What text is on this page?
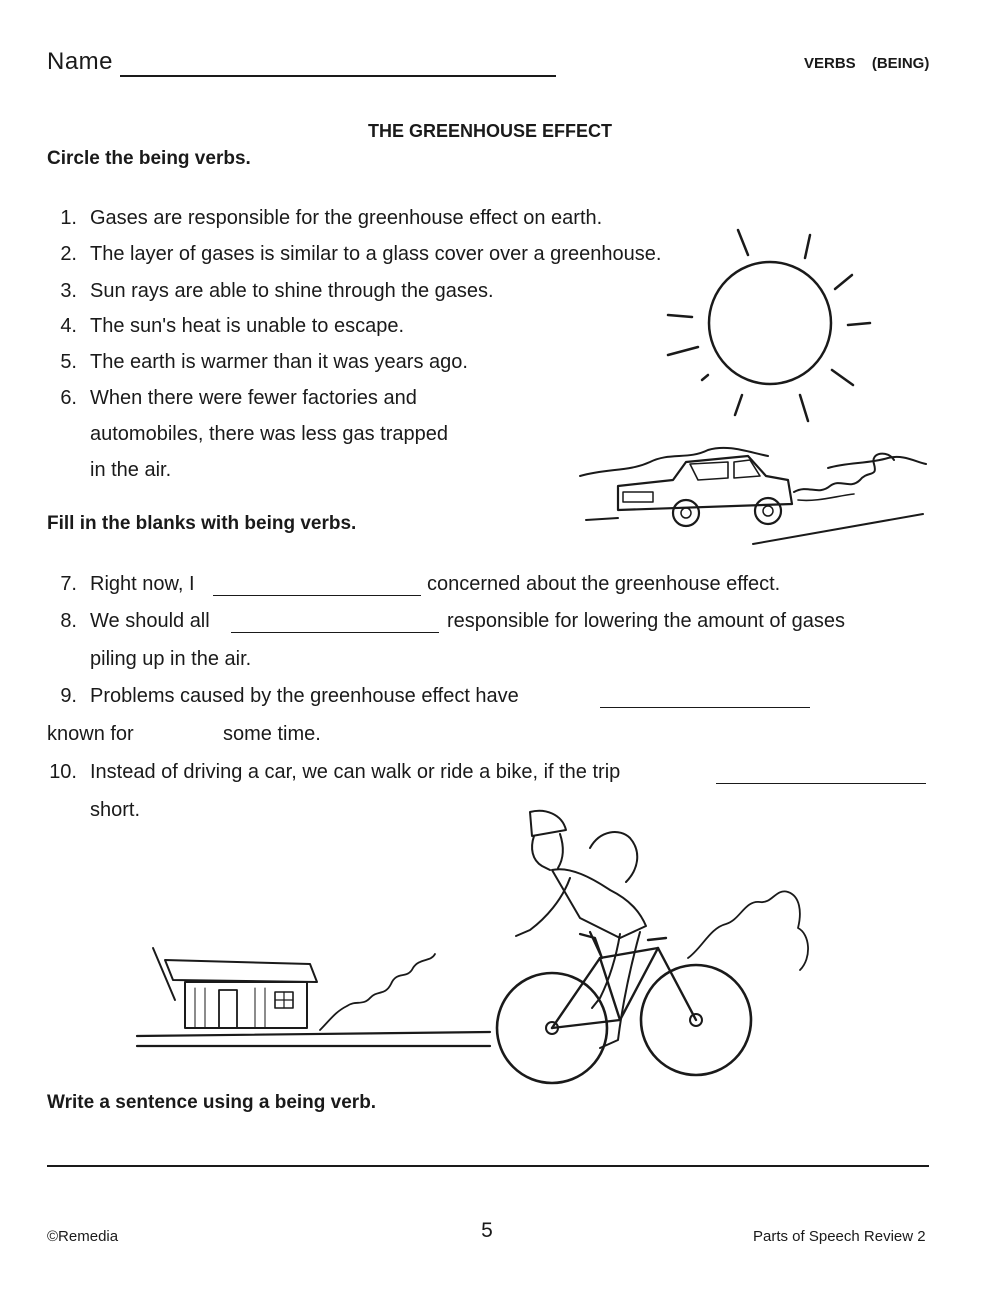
Name	VERBS (BEING)
THE GREENHOUSE EFFECT
Circle the being verbs.
1. Gases are responsible for the greenhouse effect on earth.
2. The layer of gases is similar to a glass cover over a greenhouse.
3. Sun rays are able to shine through the gases.
4. The sun's heat is unable to escape.
5. The earth is warmer than it was years ago.
6. When there were fewer factories and
automobiles, there was less gas trapped
in the air.
Fill in the blanks with being verbs.
7. Right now, I	concerned about the greenhouse effect.
8. We should all	responsible for lowering the amount of gases
piling up in the air.
9. Problems caused by the greenhouse effect have
known for	some time.
10. Instead of driving a car, we can walk or ride a bike, if the trip
short.
Write a sentence using a being verb.
©Remedia	5	Parts of Speech Review 2
